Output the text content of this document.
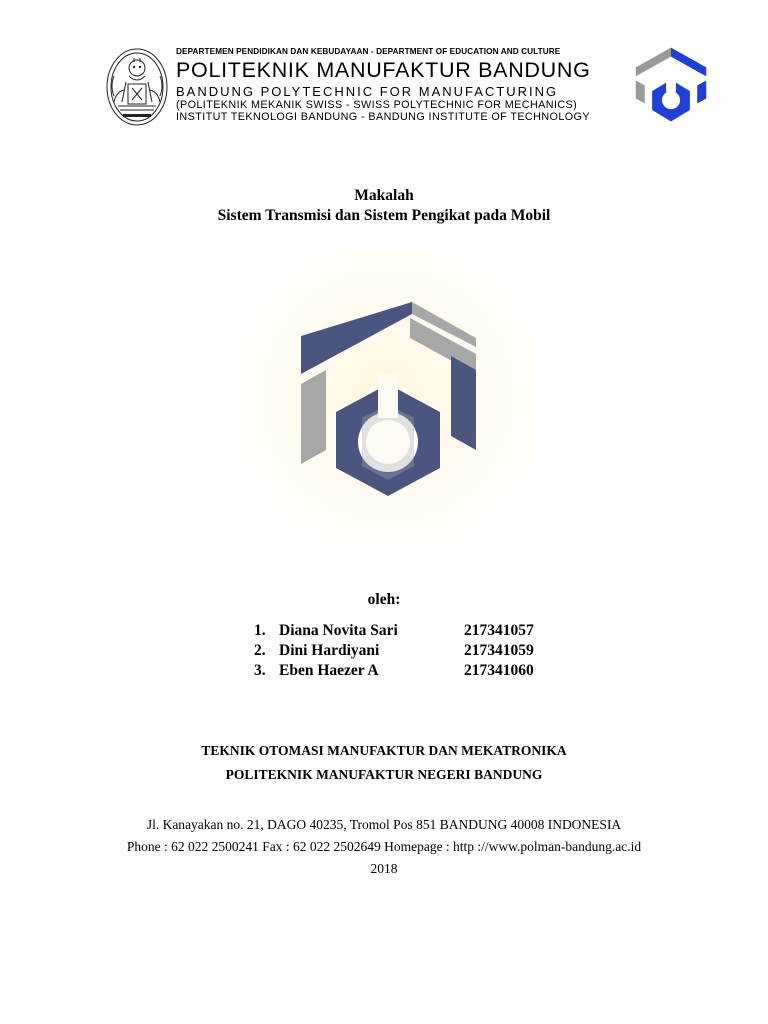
DEPARTEMEN PENDIDIKAN DAN KEBUDAYAAN - DEPARTMENT OF EDUCATION AND CULTURE
POLITEKNIK MANUFAKTUR BANDUNG
BANDUNG POLYTECHNIC FOR MANUFACTURING
(POLITEKNIK MEKANIK SWISS - SWISS POLYTECHNIC FOR MECHANICS)
INSTITUT TEKNOLOGI BANDUNG - BANDUNG INSTITUTE OF TECHNOLOGY
Makalah
Sistem Transmisi dan Sistem Pengikat pada Mobil
oleh:
1. Diana Novita Sari	217341057
2. Dini Hardiyani	217341059
3. Eben Haezer A	217341060
TEKNIK OTOMASI MANUFAKTUR DAN MEKATRONIKA
POLITEKNIK MANUFAKTUR NEGERI BANDUNG
Jl. Kanayakan no. 21, DAGO 40235, Tromol Pos 851 BANDUNG 40008 INDONESIA
Phone : 62 022 2500241 Fax : 62 022 2502649 Homepage : http ://www.polman-bandung.ac.id
2018
